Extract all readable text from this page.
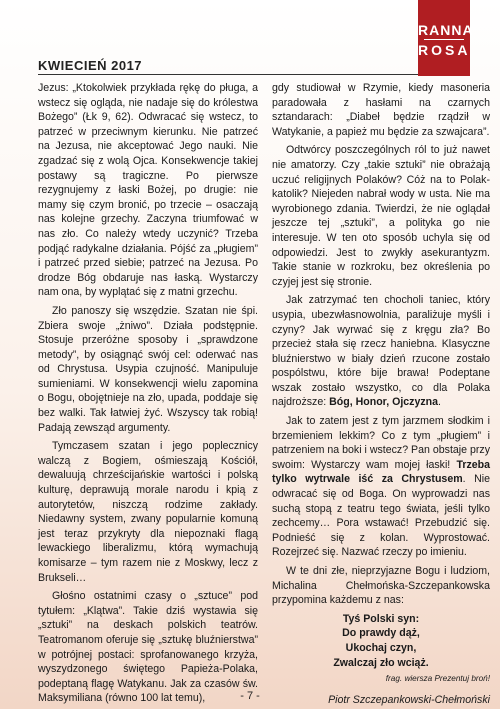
KWIECIEŃ 2017
RANNA
ROSA

Jezus: „Ktokolwiek przykłada rękę do pługa, a wstecz się ogląda, nie nadaje się do królestwa Bożego” (Łk 9, 62). Odwracać się wstecz, to patrzeć w przeciwnym kierunku. Nie patrzeć na Jezusa, nie akceptować Jego nauki. Nie zgadzać się z wolą Ojca. Konsekwencje takiej postawy są tragiczne. Po pierwsze rezygnujemy z łaski Bożej, po drugie: nie mamy się czym bronić, po trzecie – osaczają nas kolejne grzechy. Zaczyna triumfować w nas zło. Co należy wtedy uczynić? Trzeba podjąć radykalne działania. Pójść za „pługiem” i patrzeć przed siebie; patrzeć na Jezusa. Po drodze Bóg obdaruje nas łaską. Wystarczy nam ona, by wyplątać się z matni grzechu.

Zło panoszy się wszędzie. Szatan nie śpi. Zbiera swoje „żniwo”. Działa podstępnie. Stosuje przeróżne sposoby i „sprawdzone metody”, by osiągnąć swój cel: oderwać nas od Chrystusa. Usypia czujność. Manipuluje sumieniami. W konsekwencji wielu zapomina o Bogu, obojętnieje na zło, upada, poddaje się bez walki. Tak łatwiej żyć. Wszyscy tak robią! Padają zewsząd argumenty.

Tymczasem szatan i jego poplecznicy walczą z Bogiem, ośmieszają Kościół, dewaluują chrześcijańskie wartości i polską kulturę, deprawują morale narodu i kpią z autorytetów, niszczą rodzime zakłady. Niedawny system, zwany popularnie komuną jest teraz przykryty dla niepoznaki flagą lewackiego liberalizmu, którą wymachują komisarze – tym razem nie z Moskwy, lecz z Brukseli…

Głośno ostatnimi czasy o „sztuce” pod tytułem: „Klątwa”. Takie dziś wystawia się „sztuki” na deskach polskich teatrów. Teatromanom oferuje się „sztukę bluźnierstwa” w potrójnej postaci: sprofanowanego krzyża, wyszydzonego świętego Papieża-Polaka, podeptaną flagę Watykanu. Jak za czasów św. Maksymiliana (równo 100 lat temu),

gdy studiował w Rzymie, kiedy masoneria paradowała z hasłami na czarnych sztandarach: „Diabeł będzie rządził w Watykanie, a papież mu będzie za szwajcara”.

Odtwórcy poszczególnych ról to już nawet nie amatorzy. Czy „takie sztuki” nie obrażają uczuć religijnych Polaków? Cóż na to Polak-katolik? Niejeden nabrał wody w usta. Nie ma wyrobionego zdania. Twierdzi, że nie oglądał jeszcze tej „sztuki”, a polityka go nie interesuje. W ten oto sposób uchyla się od odpowiedzi. Jest to zwykły asekurantyzm. Takie stanie w rozkroku, bez określenia po czyjej jest się stronie.

Jak zatrzymać ten chocholi taniec, który usypia, ubezwłasnowolnia, paraliżuje myśli i czyny? Jak wyrwać się z kręgu zła? Bo przecież stała się rzecz haniebna. Klasyczne bluźnierstwo w biały dzień rzucone zostało pospólstwu, które bije brawa! Podeptane wszak zostało wszystko, co dla Polaka najdroższe: Bóg, Honor, Ojczyzna.

Jak to zatem jest z tym jarzmem słodkim i brzemieniem lekkim? Co z tym „pługiem” i patrzeniem na boki i wstecz? Pan obstaje przy swoim: Wystarczy wam mojej łaski! Trzeba tylko wytrwale iść za Chrystusem. Nie odwracać się od Boga. On wyprowadzi nas suchą stopą z teatru tego świata, jeśli tylko zechcemy… Pora wstawać! Przebudzić się. Podnieść się z kolan. Wyprostować. Rozejrzeć się. Nazwać rzeczy po imieniu.

W te dni złe, nieprzyjazne Bogu i ludziom, Michalina Chełmońska-Szczepankowska przypomina każdemu z nas:

Tyś Polski syn:
Do prawdy dąż,
Ukochaj czyn,
Zwalczaj zło wciąż.

frag. wiersza Prezentuj broń!

Piotr Szczepankowski-Chełmoński

- 7 -
